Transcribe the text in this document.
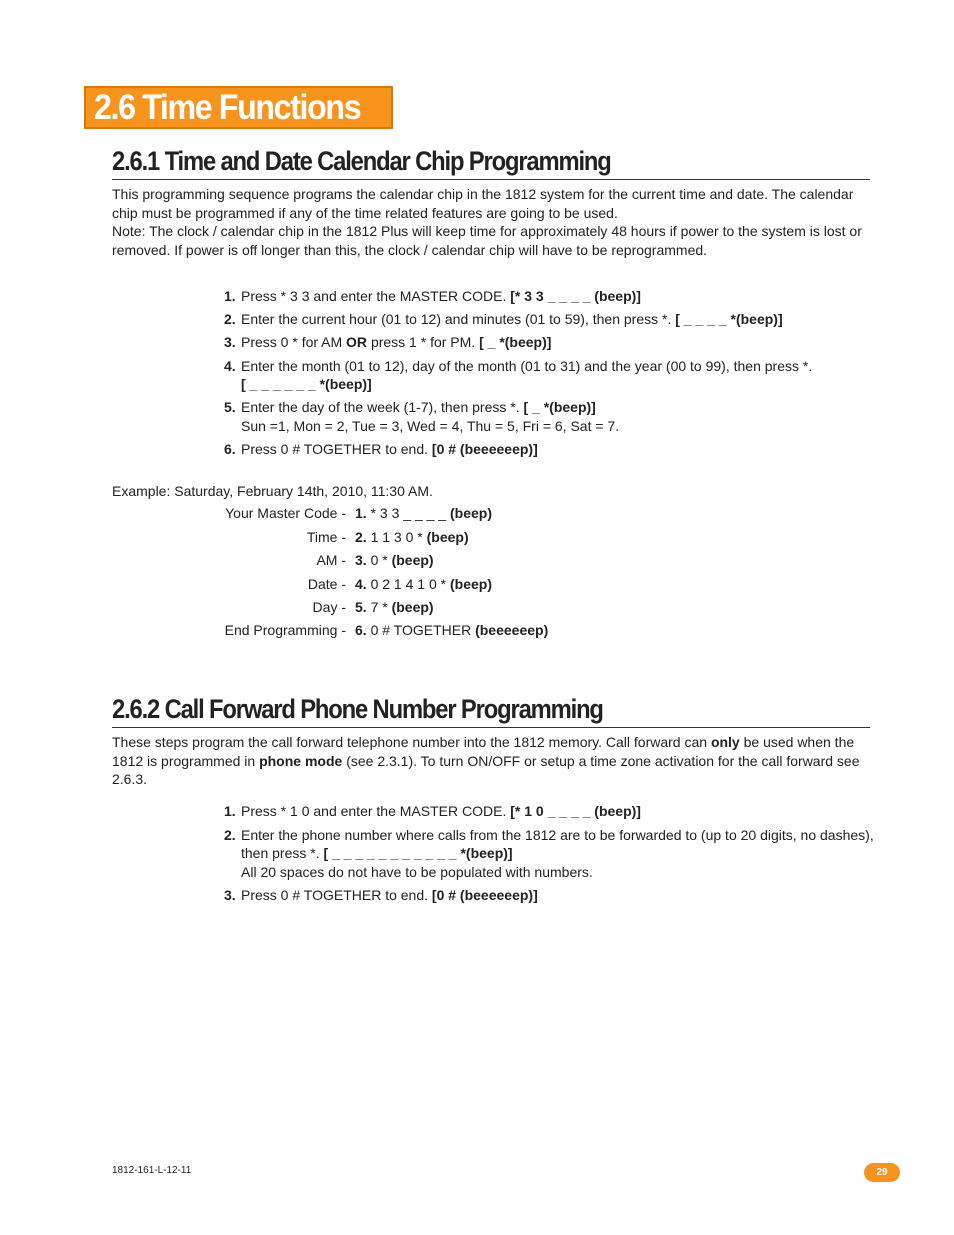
2.6 Time Functions
2.6.1 Time and Date Calendar Chip Programming

This programming sequence programs the calendar chip in the 1812 system for the current time and date. The calendar chip must be programmed if any of the time related features are going to be used.

Note: The clock / calendar chip in the 1812 Plus will keep time for approximately 48 hours if power to the system is lost or removed. If power is off longer than this, the clock / calendar chip will have to be reprogrammed.

1. Press * 3 3 and enter the MASTER CODE. [* 3 3 _ _ _ _ (beep)]

2. Enter the current hour (01 to 12) and minutes (01 to 59), then press *. [ _ _ _ _ *(beep)]

3. Press 0 * for AM OR press 1 * for PM. [ _ *(beep)]

4. Enter the month (01 to 12), day of the month (01 to 31) and the year (00 to 99), then press *.
[ _ _ _ _ _ _ *(beep)]

5. Enter the day of the week (1-7), then press *. [ _ *(beep)]
Sun =1, Mon = 2, Tue = 3, Wed = 4, Thu = 5, Fri = 6, Sat = 7.

6. Press 0 # TOGETHER to end. [0 # (beeeeeep)]

Example: Saturday, February 14th, 2010, 11:30 AM.
Your Master Code - 1. * 3 3 _ _ _ _ (beep)
Time - 2. 1 1 3 0 * (beep)
AM - 3. 0 * (beep)
Date - 4. 0 2 1 4 1 0 * (beep)
Day - 5. 7 * (beep)
End Programming - 6. 0 # TOGETHER (beeeeeep)
2.6.2 Call Forward Phone Number Programming

These steps program the call forward telephone number into the 1812 memory. Call forward can only be used when the 1812 is programmed in phone mode (see 2.3.1). To turn ON/OFF or setup a time zone activation for the call forward see 2.6.3.

1. Press * 1 0 and enter the MASTER CODE. [* 1 0 _ _ _ _ (beep)]

2. Enter the phone number where calls from the 1812 are to be forwarded to (up to 20 digits, no dashes), then press *. [ _ _ _ _ _ _ _ _ _ _ _ *(beep)]
All 20 spaces do not have to be populated with numbers.

3. Press 0 # TOGETHER to end. [0 # (beeeeeep)]

1812-161-L-12-11	29
